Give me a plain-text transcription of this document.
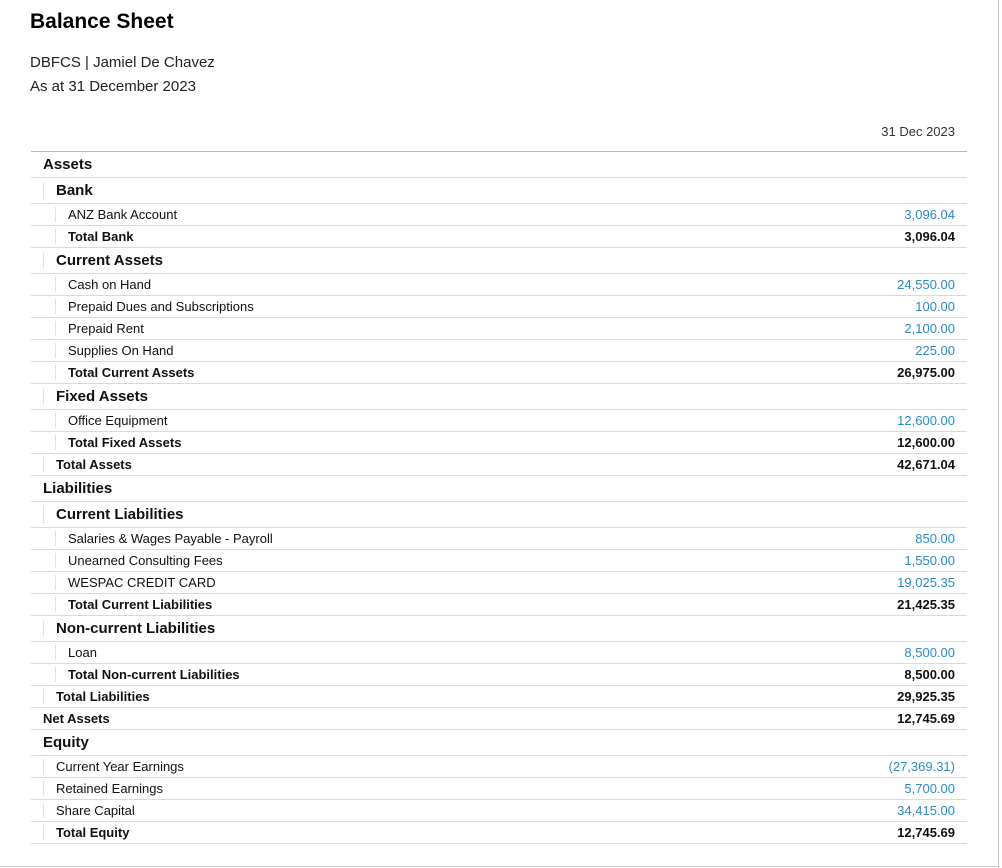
Balance Sheet
DBFCS | Jamiel De Chavez
As at 31 December 2023
31 Dec 2023
Assets
Bank
ANZ Bank Account	3,096.04
Total Bank	3,096.04
Current Assets
Cash on Hand	24,550.00
Prepaid Dues and Subscriptions	100.00
Prepaid Rent	2,100.00
Supplies On Hand	225.00
Total Current Assets	26,975.00
Fixed Assets
Office Equipment	12,600.00
Total Fixed Assets	12,600.00
Total Assets	42,671.04
Liabilities
Current Liabilities
Salaries & Wages Payable - Payroll	850.00
Unearned Consulting Fees	1,550.00
WESPAC CREDIT CARD	19,025.35
Total Current Liabilities	21,425.35
Non-current Liabilities
Loan	8,500.00
Total Non-current Liabilities	8,500.00
Total Liabilities	29,925.35
Net Assets	12,745.69
Equity
Current Year Earnings	(27,369.31)
Retained Earnings	5,700.00
Share Capital	34,415.00
Total Equity	12,745.69
